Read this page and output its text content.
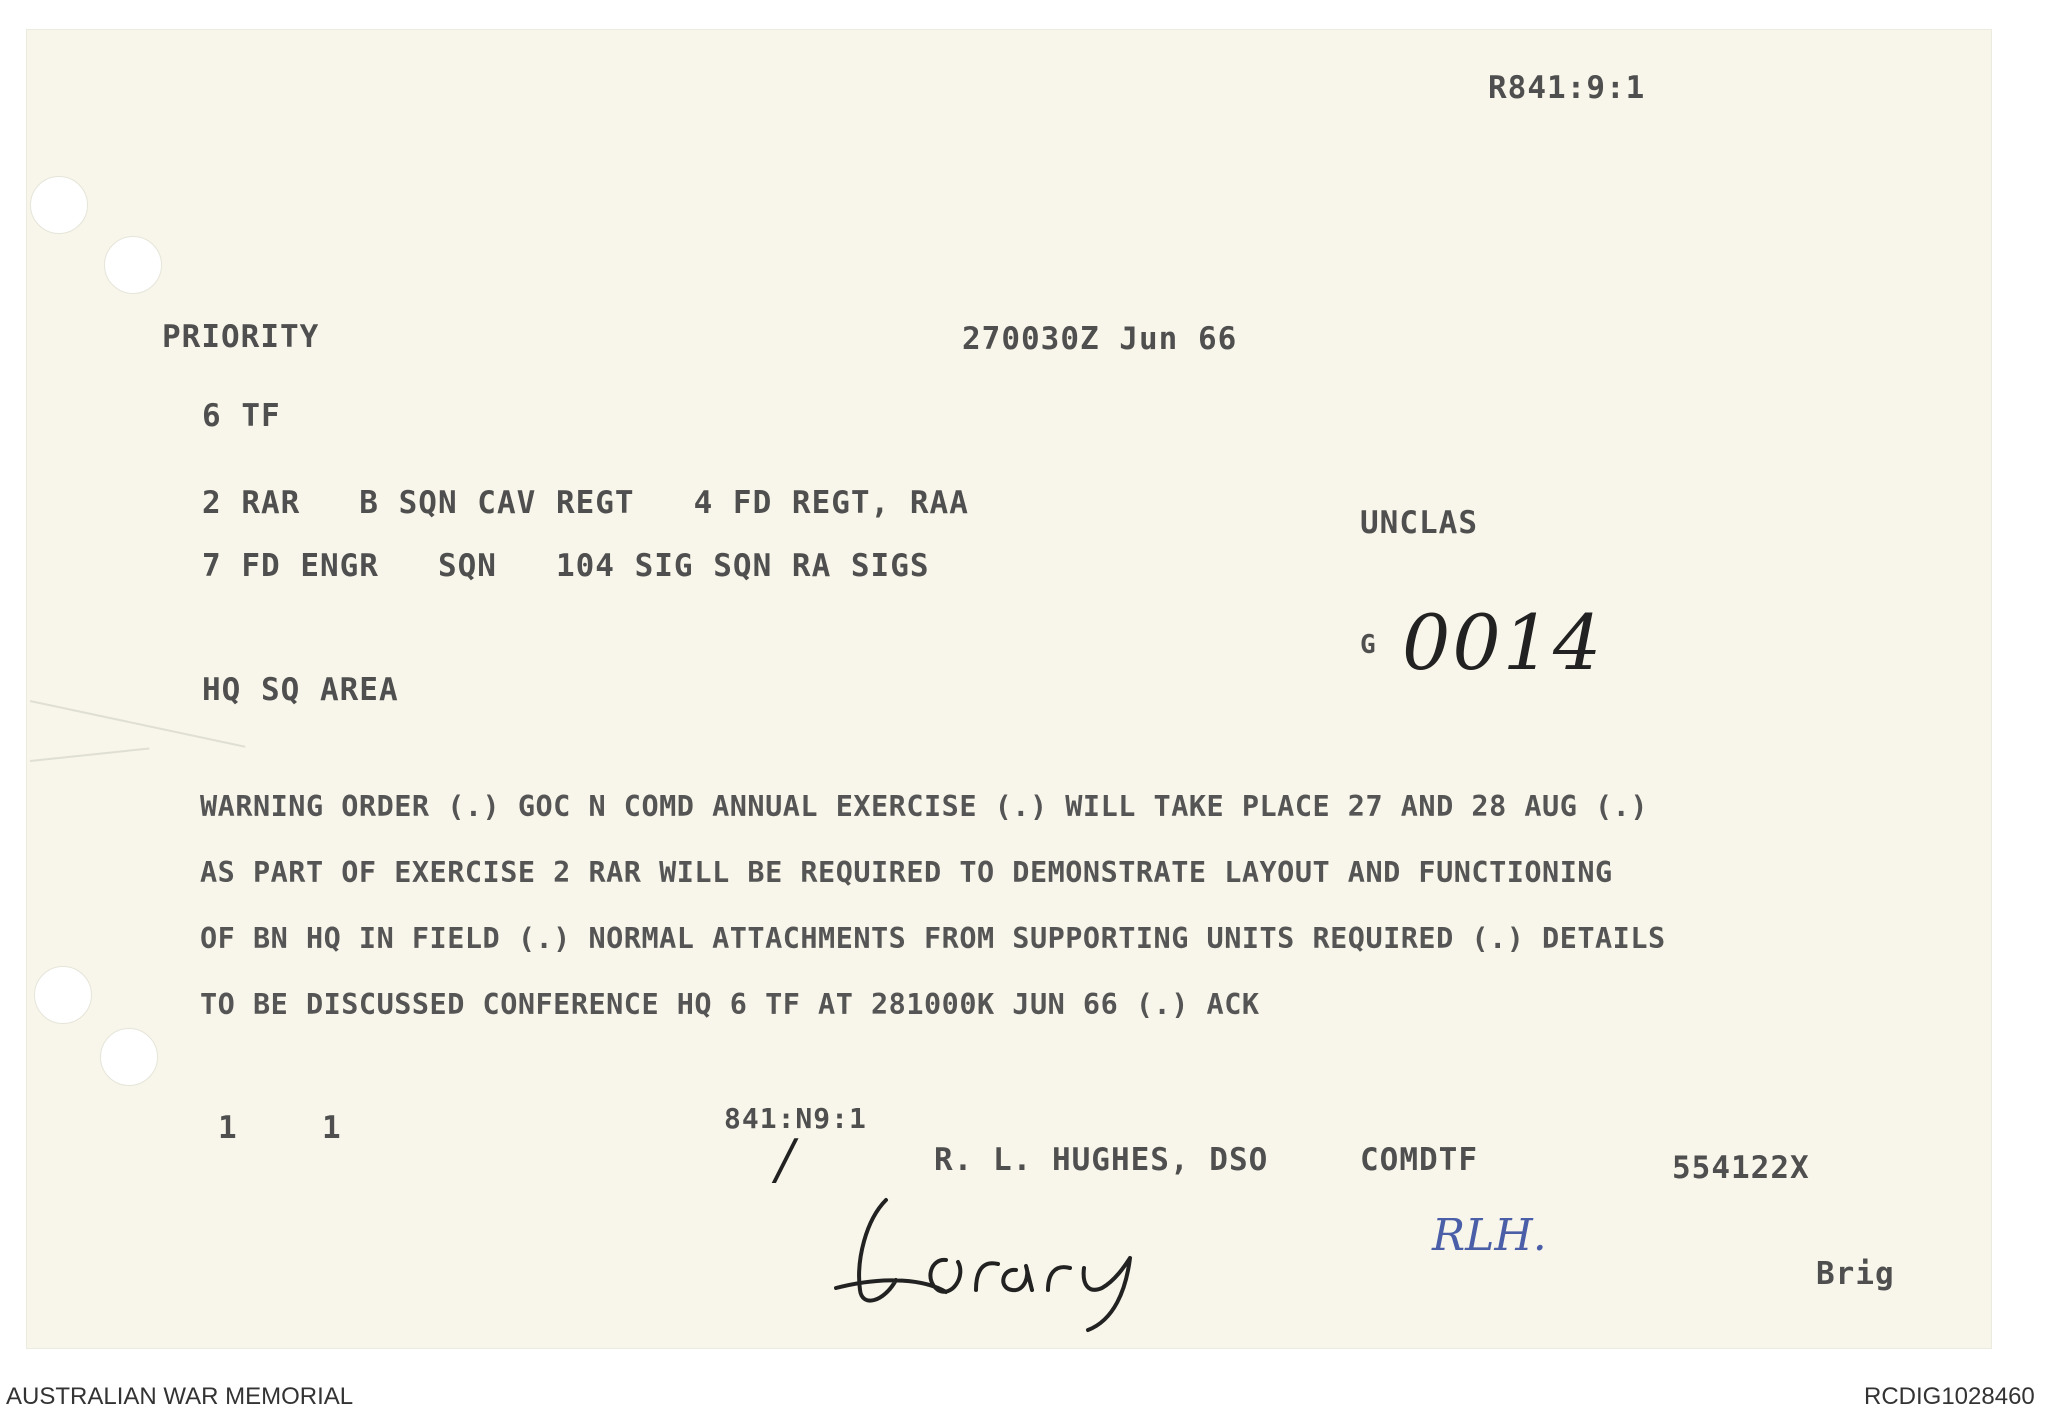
R841:9:1
PRIORITY	270030Z Jun 66
6 TF
2 RAR   B SQN CAV REGT   4 FD REGT, RAA
7 FD ENGR   SQN   104 SIG SQN RA SIGS
UNCLAS
HQ SQ AREA
G 0014
WARNING ORDER (.) GOC N COMD ANNUAL EXERCISE (.) WILL TAKE PLACE 27 AND 28 AUG (.)
AS PART OF EXERCISE 2 RAR WILL BE REQUIRED TO DEMONSTRATE LAYOUT AND FUNCTIONING
OF BN HQ IN FIELD (.) NORMAL ATTACHMENTS FROM SUPPORTING UNITS REQUIRED (.) DETAILS
TO BE DISCUSSED CONFERENCE HQ 6 TF AT 281000K JUN 66 (.) ACK
1	1	841:N9:1
/	R. L. HUGHES, DSO	COMDTF	554122X
Brig
RLH.
AUSTRALIAN WAR MEMORIAL	RCDIG1028460
